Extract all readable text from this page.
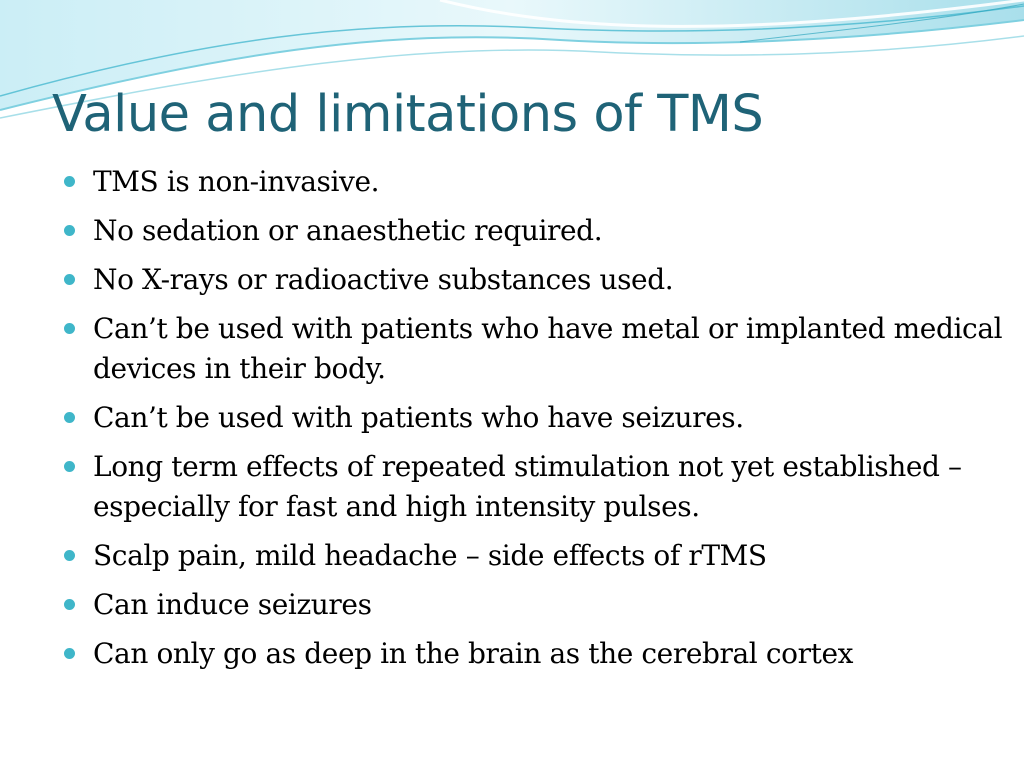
Value and limitations of TMS
TMS is non-invasive.
No sedation or anaesthetic required.
No X-rays or radioactive substances used.
Can’t be used with patients who have metal or implanted medical devices in their body.
Can’t be used with patients who have seizures.
Long term effects of repeated stimulation not yet established – especially for fast and high intensity pulses.
Scalp pain, mild headache – side effects of rTMS
Can induce seizures
Can only go as deep in the brain as the cerebral cortex
